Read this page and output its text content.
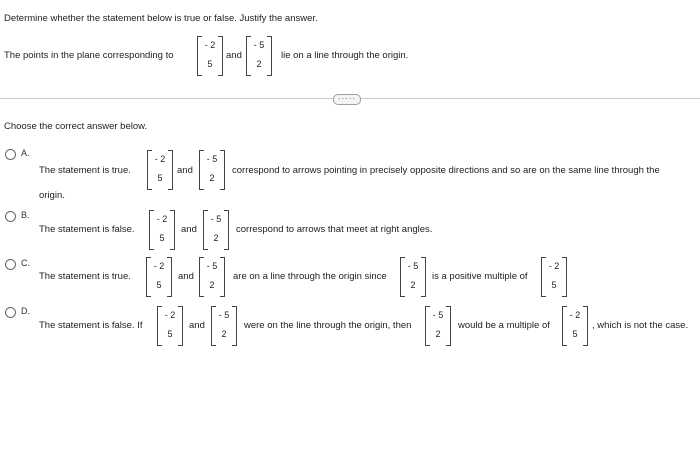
Determine whether the statement below is true or false. Justify the answer.
The points in the plane corresponding to
- 2
5
and
- 5
2
lie on a line through the origin.
·····
Choose the correct answer below.
A.
The statement is true.
- 2
5
and
- 5
2
correspond to arrows pointing in precisely opposite directions and so are on the same line through the
origin.
B.
The statement is false.
- 2
5
and
- 5
2
correspond to arrows that meet at right angles.
C.
The statement is true.
- 2
5
and
- 5
2
are on a line through the origin since
- 5
2
is a positive multiple of
- 2
5
D.
The statement is false. If
- 2
5
and
- 5
2
were on the line through the origin, then
- 5
2
would be a multiple of
- 2
5
, which is not the case.
